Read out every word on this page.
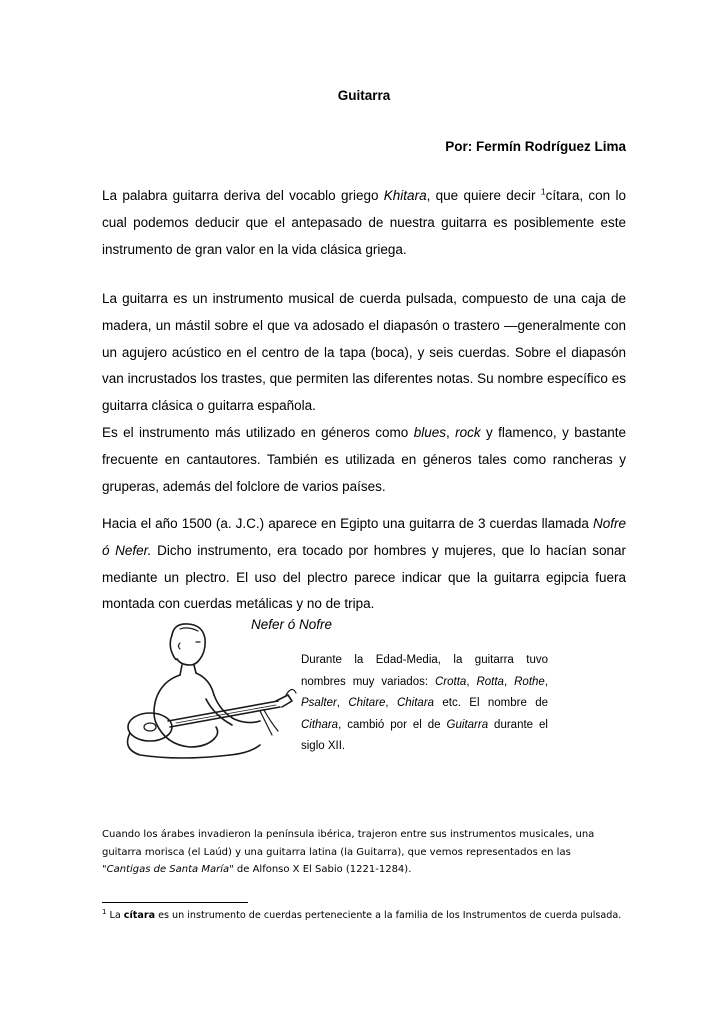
Guitarra
Por: Fermín Rodríguez Lima

La palabra guitarra deriva del vocablo griego Khitara, que quiere decir $^1$cítara, con lo cual podemos deducir que el antepasado de nuestra guitarra es posiblemente este instrumento de gran valor en la vida clásica griega.

La guitarra es un instrumento musical de cuerda pulsada, compuesto de una caja de madera, un mástil sobre el que va adosado el diapasón o trastero —generalmente con un agujero acústico en el centro de la tapa (boca), y seis cuerdas. Sobre el diapasón van incrustados los trastes, que permiten las diferentes notas. Su nombre específico es guitarra clásica o guitarra española.
Es el instrumento más utilizado en géneros como blues, rock y flamenco, y bastante frecuente en cantautores. También es utilizada en géneros tales como rancheras y gruperas, además del folclore de varios países.

Hacia el año 1500 (a. J.C.) aparece en Egipto una guitarra de 3 cuerdas llamada Nofre ó Nefer. Dicho instrumento, era tocado por hombres y mujeres, que lo hacían sonar mediante un plectro. El uso del plectro parece indicar que la guitarra egipcia fuera montada con cuerdas metálicas y no de tripa.

Nefer ó Nofre

Durante la Edad-Media, la guitarra tuvo nombres muy variados: Crotta, Rotta, Rothe, Psalter, Chitare, Chitara etc. El nombre de Cithara, cambió por el de Guitarra durante el siglo XII.

Cuando los árabes invadieron la península ibérica, trajeron entre sus instrumentos musicales, una guitarra morisca (el Laúd) y una guitarra latina (la Guitarra), que vemos representados en las "Cantigas de Santa María" de Alfonso X El Sabio (1221-1284).

$^1$ La cítara es un instrumento de cuerdas perteneciente a la familia de los Instrumentos de cuerda pulsada.
